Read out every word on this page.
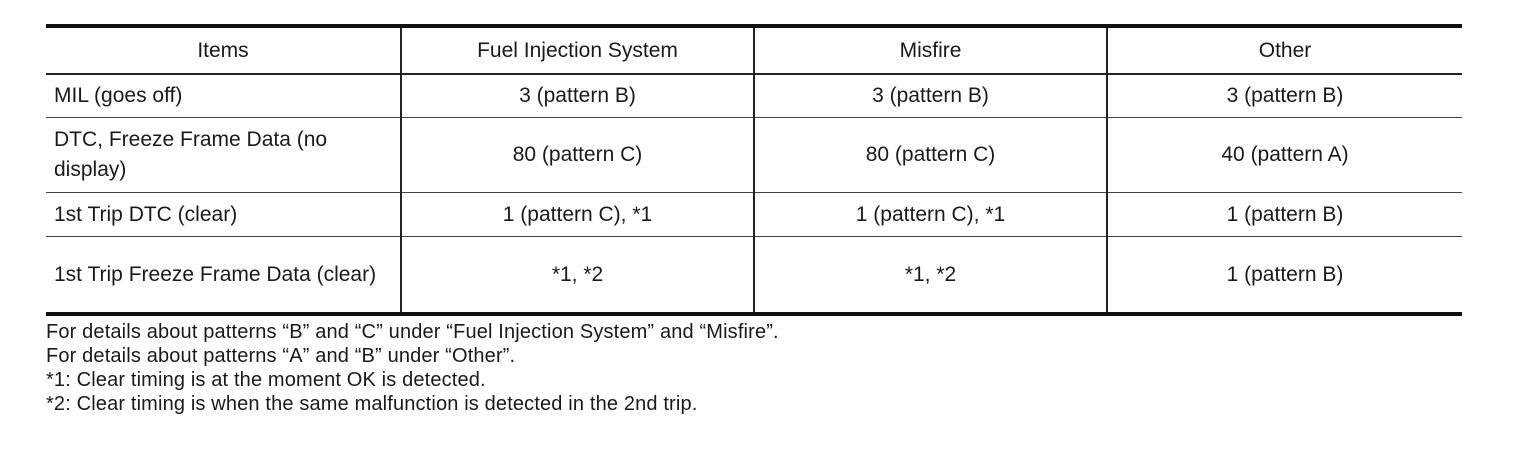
Items	Fuel Injection System	Misfire	Other
MIL (goes off)	3 (pattern B)	3 (pattern B)	3 (pattern B)
DTC, Freeze Frame Data (no display)	80 (pattern C)	80 (pattern C)	40 (pattern A)
1st Trip DTC (clear)	1 (pattern C), *1	1 (pattern C), *1	1 (pattern B)
1st Trip Freeze Frame Data (clear)	*1, *2	*1, *2	1 (pattern B)
For details about patterns “B” and “C” under “Fuel Injection System” and “Misfire”.
For details about patterns “A” and “B” under “Other”.
*1: Clear timing is at the moment OK is detected.
*2: Clear timing is when the same malfunction is detected in the 2nd trip.
